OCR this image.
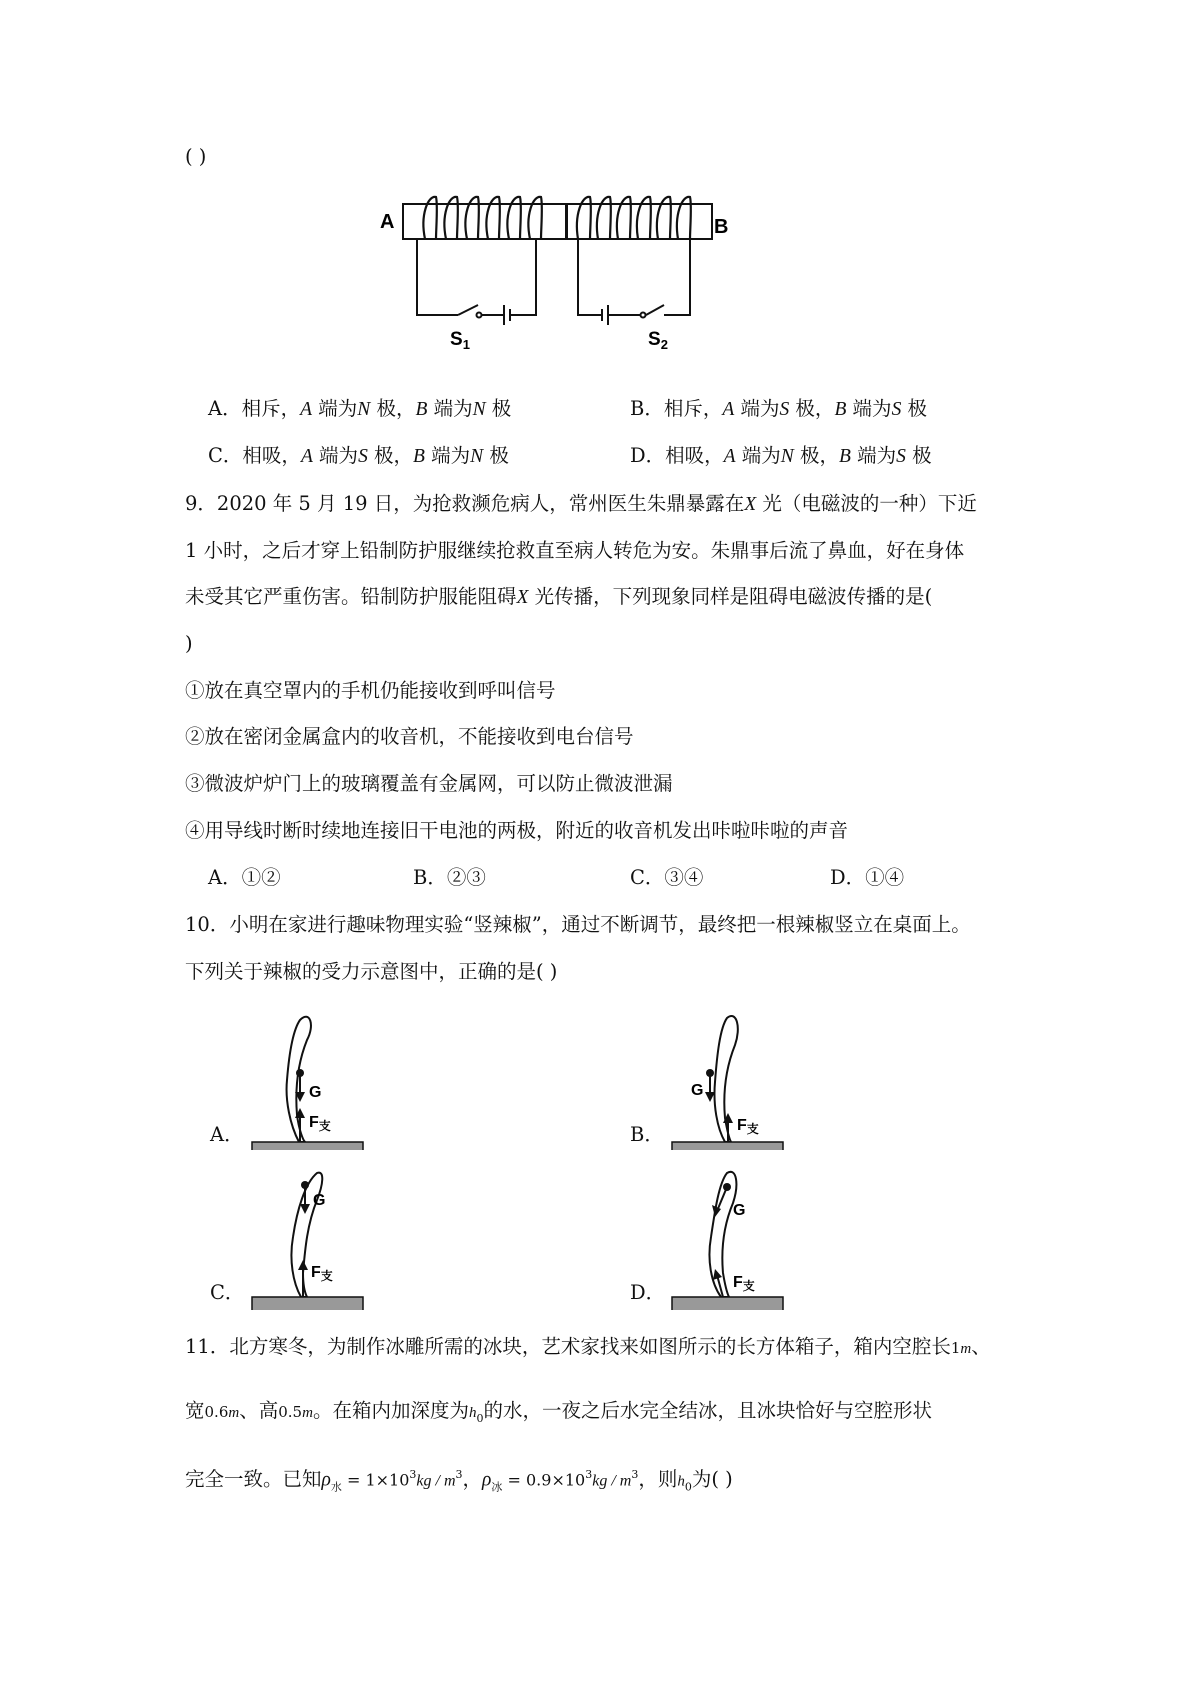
( )
A
$S_1$
B
$S_2$
A．相斥，A 端为N 极，B 端为N 极	B．相斥，A 端为S 极，B 端为S 极
C．相吸，A 端为S 极，B 端为N 极	D．相吸，A 端为N 极，B 端为S 极
9．2020 年 5 月 19 日，为抢救濒危病人，常州医生朱鼎暴露在X 光（电磁波的一种）下近
1 小时，之后才穿上铅制防护服继续抢救直至病人转危为安。朱鼎事后流了鼻血，好在身体
未受其它严重伤害。铅制防护服能阻碍X 光传播，下列现象同样是阻碍电磁波传播的是(
)
①放在真空罩内的手机仍能接收到呼叫信号
②放在密闭金属盒内的收音机，不能接收到电台信号
③微波炉炉门上的玻璃覆盖有金属网，可以防止微波泄漏
④用导线时断时续地连接旧干电池的两极，附近的收音机发出咔啦咔啦的声音
A．①②	B．②③	C．③④	D．①④
10．小明在家进行趣味物理实验“竖辣椒”，通过不断调节，最终把一根辣椒竖立在桌面上。
下列关于辣椒的受力示意图中，正确的是( )
A．
G
F支	B．
G
F支
C．
G
F支
D．
G
F支
11．北方寒冬，为制作冰雕所需的冰块，艺术家找来如图所示的长方体箱子，箱内空腔长1m、
宽0.6m、高0.5m。在箱内加深度为$h_0$的水，一夜之后水完全结冰，且冰块恰好与空腔形状
完全一致。已知$\rho_水 = 1\times 10^3kg / m^3$，$\rho_冰 = 0.9\times 10^3kg / m^3$，则$h_0$为( )
